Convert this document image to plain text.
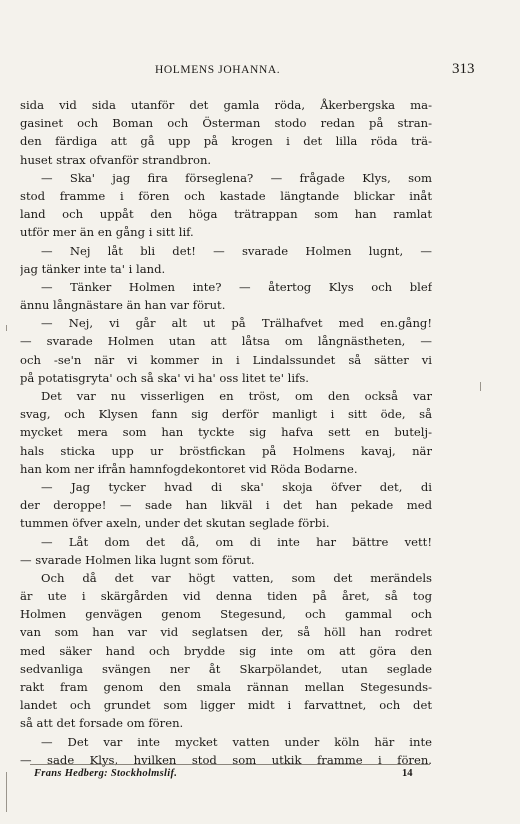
HOLMENS JOHANNA.	313
sida vid sida utanför det gamla röda, Åkerbergska ma-
gasinet och Boman och Österman stodo redan på stran-
den färdiga att gå upp på krogen i det lilla röda trä-
huset strax ofvanför strandbron.
— Ska' jag fira förseglena? — frågade Klys, som
stod framme i fören och kastade längtande blickar inåt
land och uppåt den höga trätrappan som han ramlat
utför mer än en gång i sitt lif.
— Nej låt bli det! — svarade Holmen lugnt, —
jag tänker inte ta' i land.
— Tänker Holmen inte? — återtog Klys och blef
ännu långnästare än han var förut.
— Nej, vi går alt ut på Trälhafvet med en.gång!
— svarade Holmen utan att låtsa om långnästheten, —
och -se'n när vi kommer in i Lindalssundet så sätter vi
på potatisgryta' och så ska' vi ha' oss litet te' lifs.
Det var nu visserligen en tröst, om den också var
svag, och Klysen fann sig derför manligt i sitt öde, så
mycket mera som han tyckte sig hafva sett en butelj-
hals sticka upp ur bröstfickan på Holmens kavaj, när
han kom ner ifrån hamnfogdekontoret vid Röda Bodarne.
— Jag tycker hvad di ska' skoja öfver det, di
der deroppe! — sade han likväl i det han pekade med
tummen öfver axeln, under det skutan seglade förbi.
— Låt dom det då, om di inte har bättre vett!
— svarade Holmen lika lugnt som förut.
Och då det var högt vatten, som det merändels
är ute i skärgården vid denna tiden på året, så tog
Holmen genvägen genom Stegesund, och gammal och
van som han var vid seglatsen der, så höll han rodret
med säker hand och brydde sig inte om att göra den
sedvanliga svängen ner åt Skarpölandet, utan seglade
rakt fram genom den smala rännan mellan Stegesunds-
landet och grundet som ligger midt i farvattnet, och det
så att det forsade om fören.
— Det var inte mycket vatten under köln här inte
— sade Klys, hvilken stod som utkik framme i fören.
Frans Hedberg: Stockholmslif.	14
